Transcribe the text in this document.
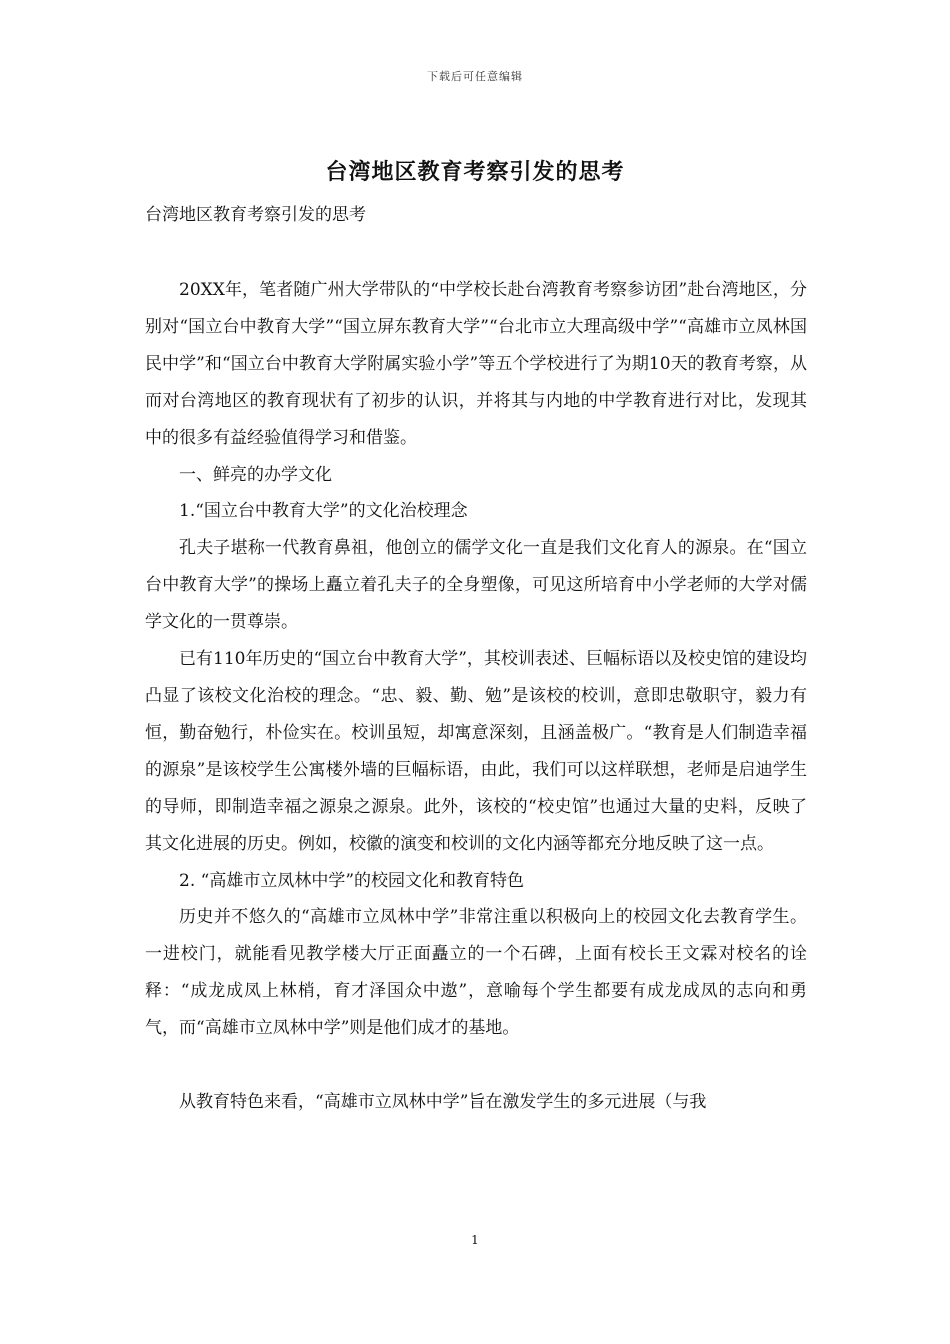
下载后可任意编辑
台湾地区教育考察引发的思考
台湾地区教育考察引发的思考

20XX年，笔者随广州大学带队的“中学校长赴台湾教育考察参访团”赴台湾地区，分别对“国立台中教育大学”“国立屏东教育大学”“台北市立大理高级中学”“高雄市立凤林国民中学”和“国立台中教育大学附属实验小学”等五个学校进行了为期10天的教育考察，从而对台湾地区的教育现状有了初步的认识，并将其与内地的中学教育进行对比，发现其中的很多有益经验值得学习和借鉴。

一、鲜亮的办学文化

1.“国立台中教育大学”的文化治校理念

孔夫子堪称一代教育鼻祖，他创立的儒学文化一直是我们文化育人的源泉。在“国立台中教育大学”的操场上矗立着孔夫子的全身塑像，可见这所培育中小学老师的大学对儒学文化的一贯尊崇。

已有110年历史的“国立台中教育大学”，其校训表述、巨幅标语以及校史馆的建设均凸显了该校文化治校的理念。“忠、毅、勤、勉”是该校的校训，意即忠敬职守，毅力有恒，勤奋勉行，朴俭实在。校训虽短，却寓意深刻，且涵盖极广。“教育是人们制造幸福的源泉”是该校学生公寓楼外墙的巨幅标语，由此，我们可以这样联想，老师是启迪学生的导师，即制造幸福之源泉之源泉。此外，该校的“校史馆”也通过大量的史料，反映了其文化进展的历史。例如，校徽的演变和校训的文化内涵等都充分地反映了这一点。

2. “高雄市立凤林中学”的校园文化和教育特色

历史并不悠久的“高雄市立凤林中学”非常注重以积极向上的校园文化去教育学生。一进校门，就能看见教学楼大厅正面矗立的一个石碑，上面有校长王文霖对校名的诠释：“成龙成凤上林梢，育才泽国众中遨”，意喻每个学生都要有成龙成凤的志向和勇气，而“高雄市立凤林中学”则是他们成才的基地。

从教育特色来看，“高雄市立凤林中学”旨在激发学生的多元进展（与我

1
